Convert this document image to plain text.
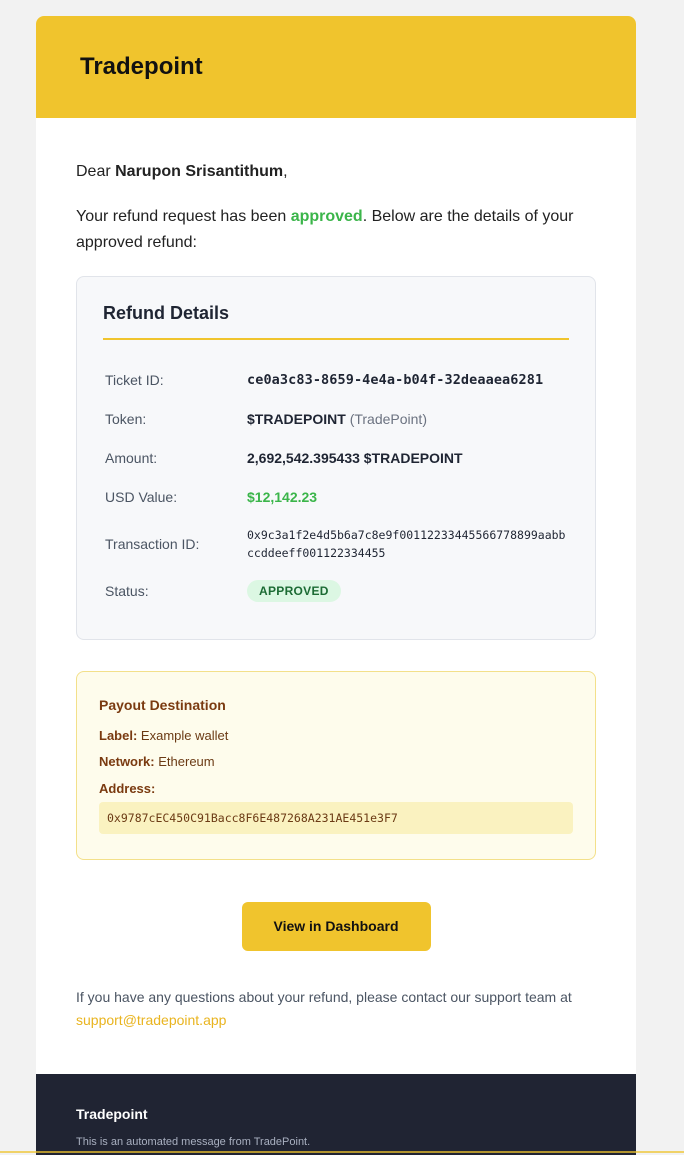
Tradepoint

Dear Narupon Srisantithum,

Your refund request has been approved. Below are the details of your approved refund:

Refund Details
Ticket ID:	ce0a3c83-8659-4e4a-b04f-32deaaea6281
Token:	$TRADEPOINT (TradePoint)
Amount:	2,692,542.395433 $TRADEPOINT
USD Value:	$12,142.23
Transaction ID:
0x9c3a1f2e4d5b6a7c8e9f00112233445566778899aabbccddeeff001122334455
Status:	APPROVED
Payout Destination
Label: Example wallet
Network: Ethereum
Address:
0x9787cEC450C91Bacc8F6E487268A231AE451e3F7
View in Dashboard

If you have any questions about your refund, please contact our support team at
support@tradepoint.app

Tradepoint
This is an automated message from TradePoint.
